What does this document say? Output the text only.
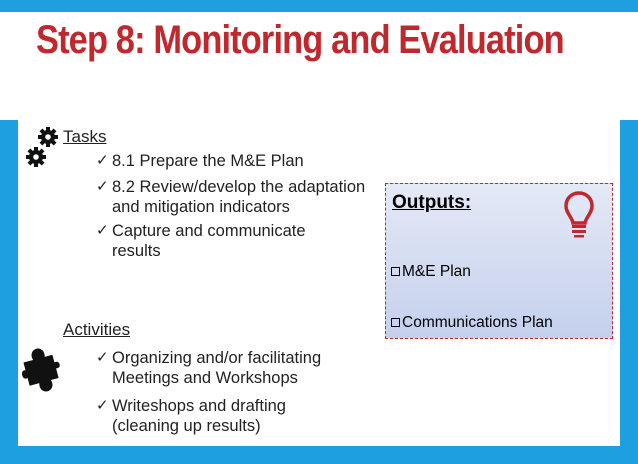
Step 8: Monitoring and Evaluation
Tasks
✓ 8.1 Prepare the M&E Plan
✓ 8.2 Review/develop the adaptation and mitigation indicators
✓ Capture and communicate results
Activities
✓ Organizing and/or facilitating Meetings and Workshops
✓ Writeshops and drafting (cleaning up results)
Outputs:
M&E Plan
Communications Plan
